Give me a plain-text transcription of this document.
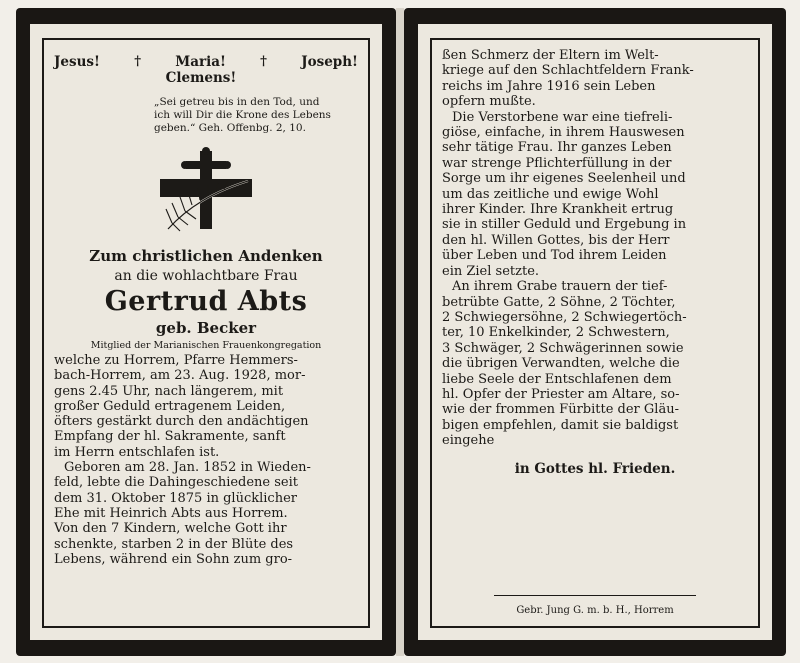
Jesus!	†	Maria!	†	Joseph!
Clemens!
„Sei getreu bis in den Tod, und
ich will Dir die Krone des Lebens
geben.“ Geh. Offenbg. 2, 10.
Zum christlichen Andenken
an die wohlachtbare Frau
Gertrud Abts
geb. Becker
Mitglied der Marianischen Frauenkongregation
welche zu Horrem, Pfarre Hemmers-
bach-Horrem, am 23. Aug. 1928, mor-
gens 2.45 Uhr, nach längerem, mit
großer Geduld ertragenem Leiden,
öfters gestärkt durch den andächtigen
Empfang der hl. Sakramente, sanft
im Herrn entschlafen ist.
Geboren am 28. Jan. 1852 in Wieden-
feld, lebte die Dahingeschiedene seit
dem 31. Oktober 1875 in glücklicher
Ehe mit Heinrich Abts aus Horrem.
Von den 7 Kindern, welche Gott ihr
schenkte, starben 2 in der Blüte des
Lebens, während ein Sohn zum gro-
ßen Schmerz der Eltern im Welt-
kriege auf den Schlachtfeldern Frank-
reichs im Jahre 1916 sein Leben
opfern mußte.
Die Verstorbene war eine tiefreli-
giöse, einfache, in ihrem Hauswesen
sehr tätige Frau. Ihr ganzes Leben
war strenge Pflichterfüllung in der
Sorge um ihr eigenes Seelenheil und
um das zeitliche und ewige Wohl
ihrer Kinder. Ihre Krankheit ertrug
sie in stiller Geduld und Ergebung in
den hl. Willen Gottes, bis der Herr
über Leben und Tod ihrem Leiden
ein Ziel setzte.
An ihrem Grabe trauern der tief-
betrübte Gatte, 2 Söhne, 2 Töchter,
2 Schwiegersöhne, 2 Schwiegertöch-
ter, 10 Enkelkinder, 2 Schwestern,
3 Schwäger, 2 Schwägerinnen sowie
die übrigen Verwandten, welche die
liebe Seele der Entschlafenen dem
hl. Opfer der Priester am Altare, so-
wie der frommen Fürbitte der Gläu-
bigen empfehlen, damit sie baldigst
eingehe
in Gottes hl. Frieden.
Gebr. Jung G. m. b. H., Horrem
